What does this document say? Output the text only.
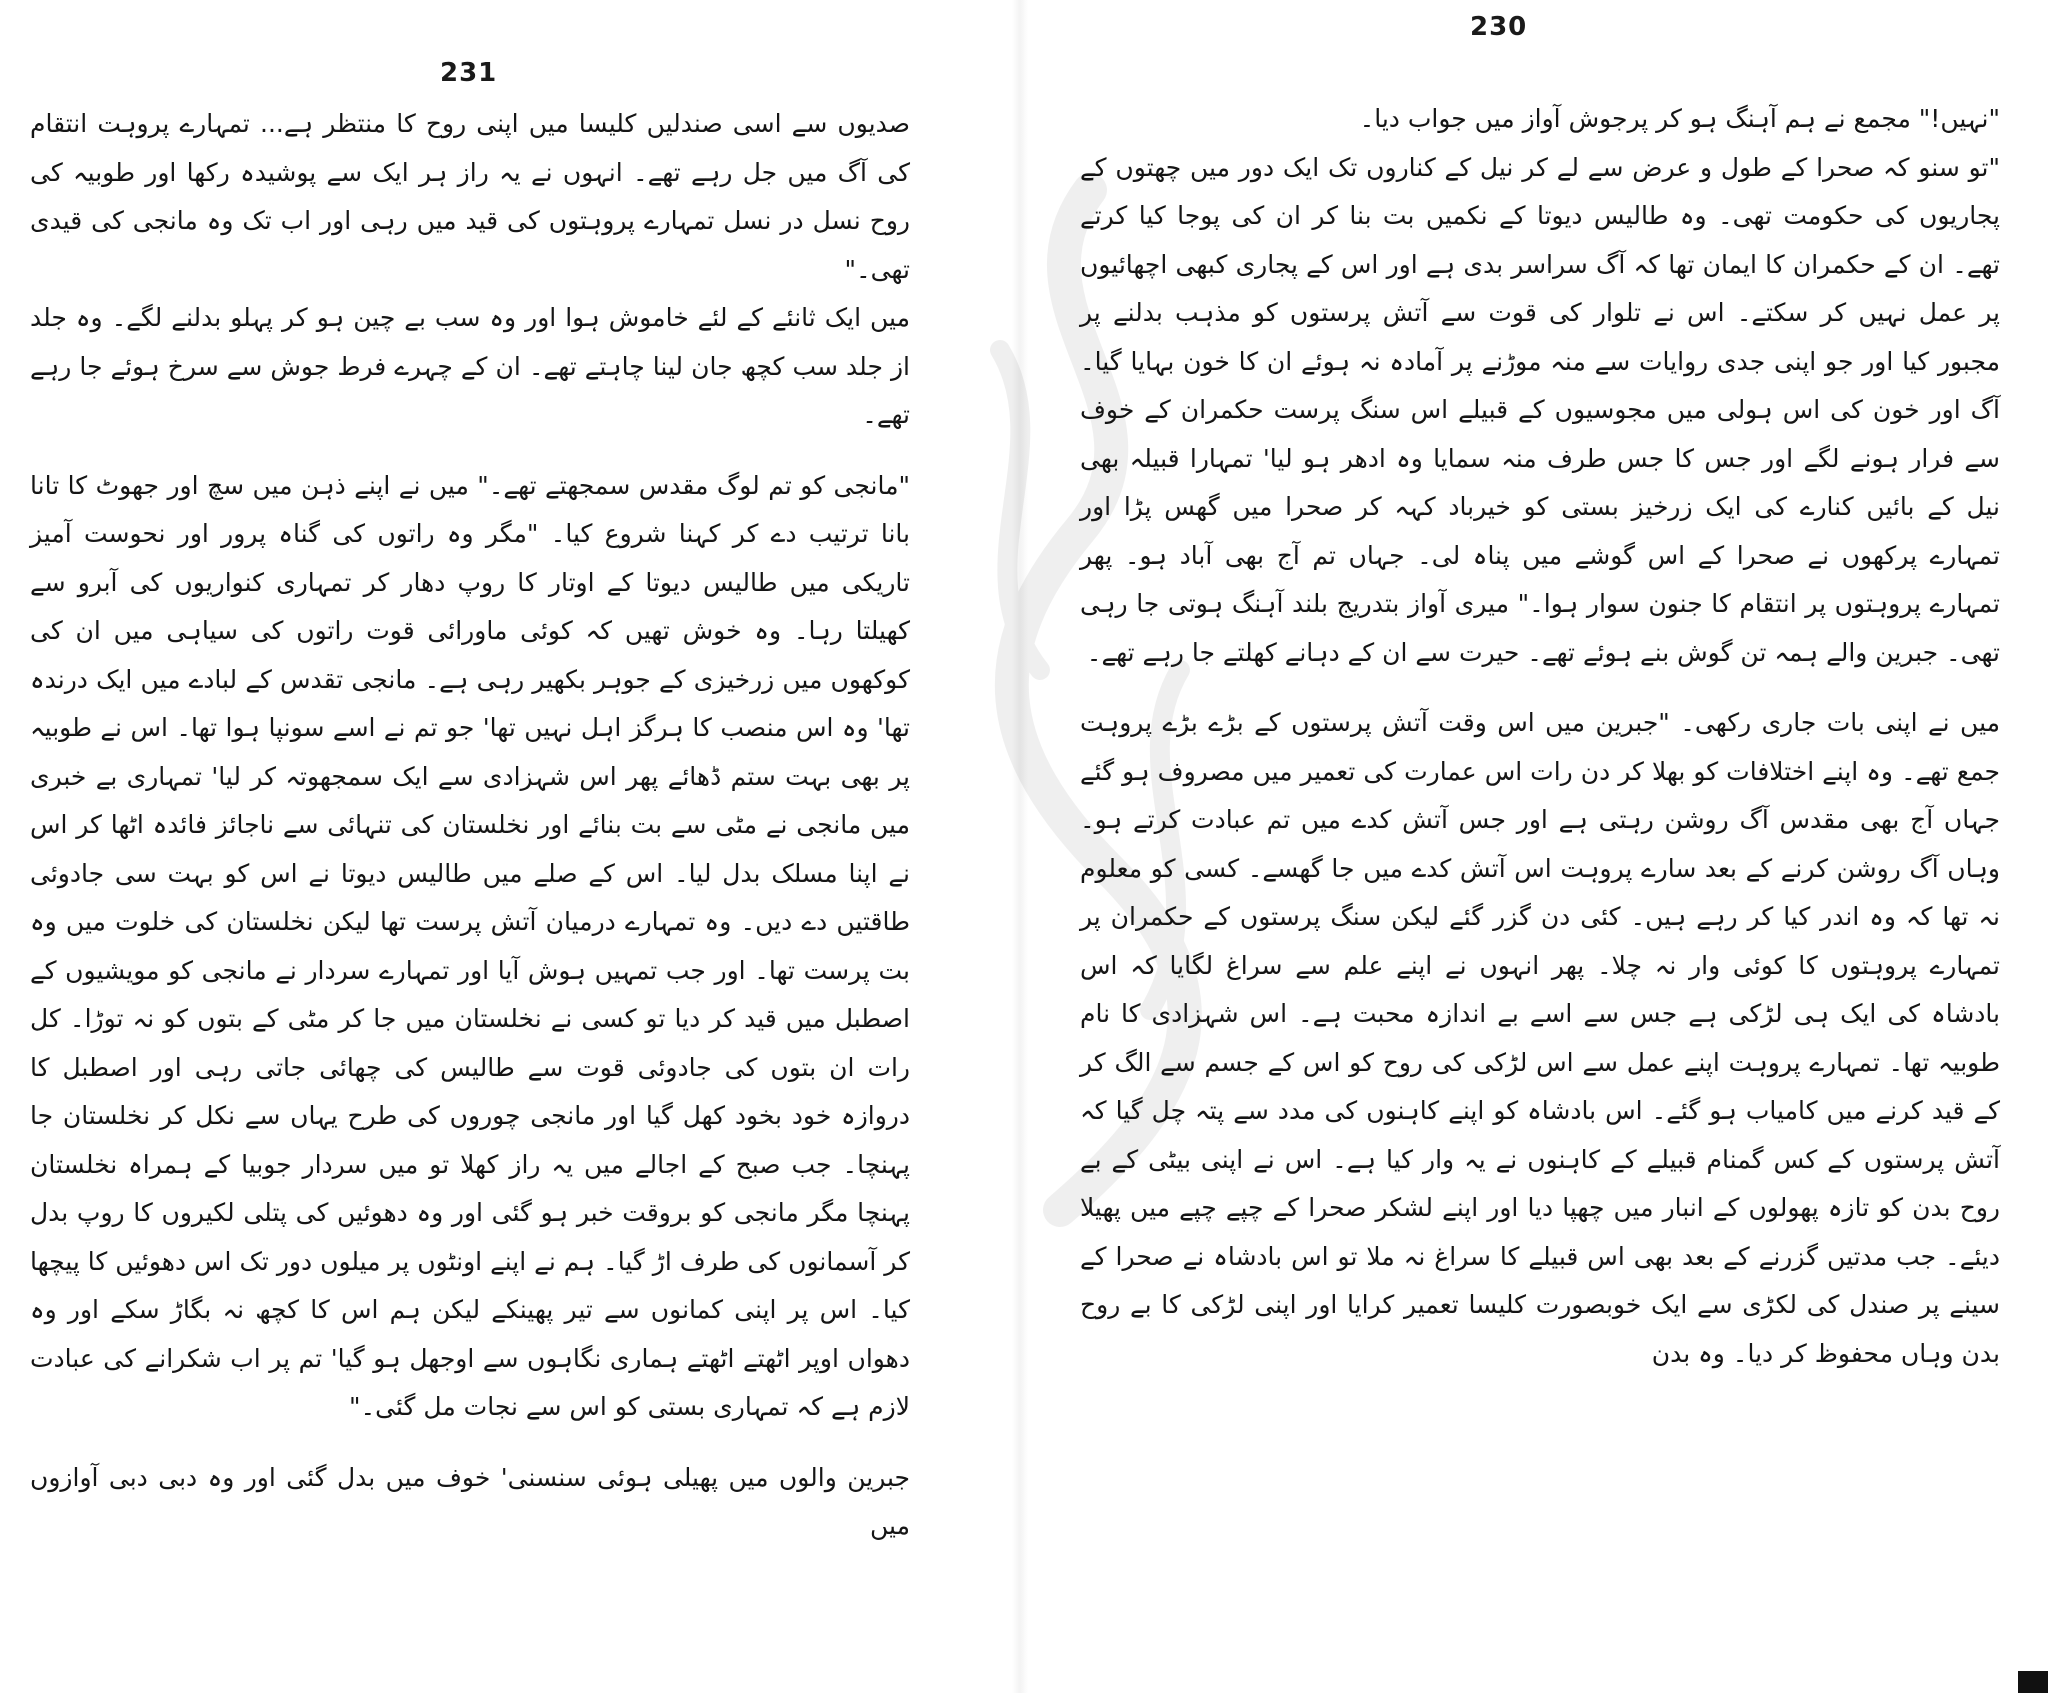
231

صدیوں سے اسی صندلیں کلیسا میں اپنی روح کا منتظر ہے... تمہارے پروہت انتقام کی آگ میں جل رہے تھے۔ انہوں نے یہ راز ہر ایک سے پوشیدہ رکھا اور طوبیہ کی روح نسل در نسل تمہارے پروہتوں کی قید میں رہی اور اب تک وہ مانجی کی قیدی تھی۔"

میں ایک ثانئے کے لئے خاموش ہوا اور وہ سب بے چین ہو کر پہلو بدلنے لگے۔ وہ جلد از جلد سب کچھ جان لینا چاہتے تھے۔ ان کے چہرے فرط جوش سے سرخ ہوئے جا رہے تھے۔

"مانجی کو تم لوگ مقدس سمجھتے تھے۔" میں نے اپنے ذہن میں سچ اور جھوٹ کا تانا بانا ترتیب دے کر کہنا شروع کیا۔ "مگر وہ راتوں کی گناہ پرور اور نحوست آمیز تاریکی میں طالیس دیوتا کے اوتار کا روپ دھار کر تمہاری کنواریوں کی آبرو سے کھیلتا رہا۔ وہ خوش تھیں کہ کوئی ماورائی قوت راتوں کی سیاہی میں ان کی کوکھوں میں زرخیزی کے جوہر بکھیر رہی ہے۔ مانجی تقدس کے لبادے میں ایک درندہ تھا' وہ اس منصب کا ہرگز اہل نہیں تھا' جو تم نے اسے سونپا ہوا تھا۔ اس نے طوبیہ پر بھی بہت ستم ڈھائے پھر اس شہزادی سے ایک سمجھوتہ کر لیا' تمہاری بے خبری میں مانجی نے مٹی سے بت بنائے اور نخلستان کی تنہائی سے ناجائز فائدہ اٹھا کر اس نے اپنا مسلک بدل لیا۔ اس کے صلے میں طالیس دیوتا نے اس کو بہت سی جادوئی طاقتیں دے دیں۔ وہ تمہارے درمیان آتش پرست تھا لیکن نخلستان کی خلوت میں وہ بت پرست تھا۔ اور جب تمہیں ہوش آیا اور تمہارے سردار نے مانجی کو مویشیوں کے اصطبل میں قید کر دیا تو کسی نے نخلستان میں جا کر مٹی کے بتوں کو نہ توڑا۔ کل رات ان بتوں کی جادوئی قوت سے طالیس کی چھائی جاتی رہی اور اصطبل کا دروازہ خود بخود کھل گیا اور مانجی چوروں کی طرح یہاں سے نکل کر نخلستان جا پہنچا۔ جب صبح کے اجالے میں یہ راز کھلا تو میں سردار جوبیا کے ہمراہ نخلستان پہنچا مگر مانجی کو بروقت خبر ہو گئی اور وہ دھوئیں کی پتلی لکیروں کا روپ بدل کر آسمانوں کی طرف اڑ گیا۔ ہم نے اپنے اونٹوں پر میلوں دور تک اس دھوئیں کا پیچھا کیا۔ اس پر اپنی کمانوں سے تیر پھینکے لیکن ہم اس کا کچھ نہ بگاڑ سکے اور وہ دھواں اوپر اٹھتے اٹھتے ہماری نگاہوں سے اوجھل ہو گیا' تم پر اب شکرانے کی عبادت لازم ہے کہ تمہاری بستی کو اس سے نجات مل گئی۔"

جبرین والوں میں پھیلی ہوئی سنسنی' خوف میں بدل گئی اور وہ دبی دبی آوازوں میں

230

"نہیں!" مجمع نے ہم آہنگ ہو کر پرجوش آواز میں جواب دیا۔

"تو سنو کہ صحرا کے طول و عرض سے لے کر نیل کے کناروں تک ایک دور میں چھتوں کے پجاریوں کی حکومت تھی۔ وہ طالیس دیوتا کے نکمیں بت بنا کر ان کی پوجا کیا کرتے تھے۔ ان کے حکمران کا ایمان تھا کہ آگ سراسر بدی ہے اور اس کے پجاری کبھی اچھائیوں پر عمل نہیں کر سکتے۔ اس نے تلوار کی قوت سے آتش پرستوں کو مذہب بدلنے پر مجبور کیا اور جو اپنی جدی روایات سے منہ موڑنے پر آمادہ نہ ہوئے ان کا خون بہایا گیا۔ آگ اور خون کی اس ہولی میں مجوسیوں کے قبیلے اس سنگ پرست حکمران کے خوف سے فرار ہونے لگے اور جس کا جس طرف منہ سمایا وہ ادھر ہو لیا' تمہارا قبیلہ بھی نیل کے بائیں کنارے کی ایک زرخیز بستی کو خیرباد کہہ کر صحرا میں گھس پڑا اور تمہارے پرکھوں نے صحرا کے اس گوشے میں پناہ لی۔ جہاں تم آج بھی آباد ہو۔ پھر تمہارے پروہتوں پر انتقام کا جنون سوار ہوا۔" میری آواز بتدریج بلند آہنگ ہوتی جا رہی تھی۔ جبرین والے ہمہ تن گوش بنے ہوئے تھے۔ حیرت سے ان کے دہانے کھلتے جا رہے تھے۔

میں نے اپنی بات جاری رکھی۔ "جبرین میں اس وقت آتش پرستوں کے بڑے بڑے پروہت جمع تھے۔ وہ اپنے اختلافات کو بھلا کر دن رات اس عمارت کی تعمیر میں مصروف ہو گئے جہاں آج بھی مقدس آگ روشن رہتی ہے اور جس آتش کدے میں تم عبادت کرتے ہو۔ وہاں آگ روشن کرنے کے بعد سارے پروہت اس آتش کدے میں جا گھسے۔ کسی کو معلوم نہ تھا کہ وہ اندر کیا کر رہے ہیں۔ کئی دن گزر گئے لیکن سنگ پرستوں کے حکمران پر تمہارے پروہتوں کا کوئی وار نہ چلا۔ پھر انہوں نے اپنے علم سے سراغ لگایا کہ اس بادشاہ کی ایک ہی لڑکی ہے جس سے اسے بے اندازہ محبت ہے۔ اس شہزادی کا نام طوبیہ تھا۔ تمہارے پروہت اپنے عمل سے اس لڑکی کی روح کو اس کے جسم سے الگ کر کے قید کرنے میں کامیاب ہو گئے۔ اس بادشاہ کو اپنے کاہنوں کی مدد سے پتہ چل گیا کہ آتش پرستوں کے کس گمنام قبیلے کے کاہنوں نے یہ وار کیا ہے۔ اس نے اپنی بیٹی کے بے روح بدن کو تازہ پھولوں کے انبار میں چھپا دیا اور اپنے لشکر صحرا کے چپے چپے میں پھیلا دیئے۔ جب مدتیں گزرنے کے بعد بھی اس قبیلے کا سراغ نہ ملا تو اس بادشاہ نے صحرا کے سینے پر صندل کی لکڑی سے ایک خوبصورت کلیسا تعمیر کرایا اور اپنی لڑکی کا بے روح بدن وہاں محفوظ کر دیا۔ وہ بدن
